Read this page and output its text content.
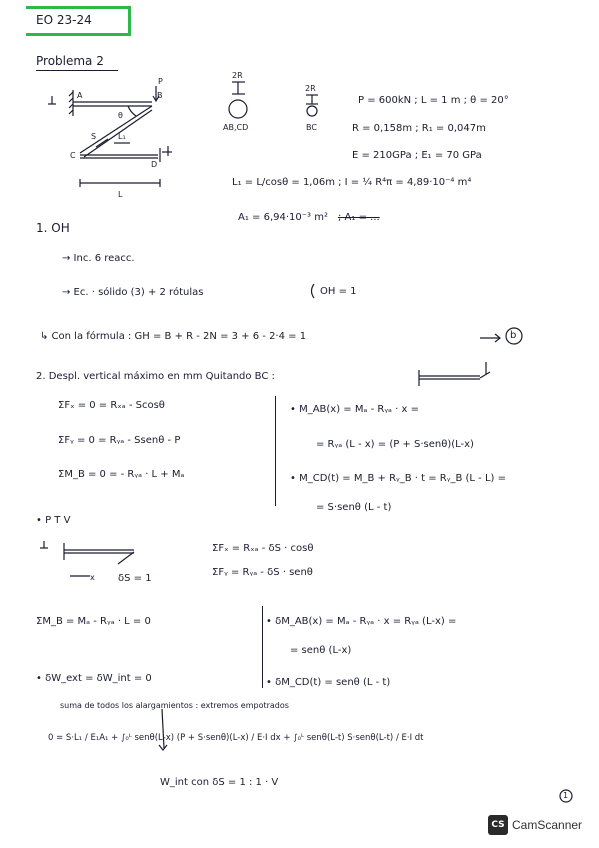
EO 23-24
Problema 2
P
A	B
θ
L₁
S
C
D
L
2R
AB,CD
2R
BC
P = 600kN ; L = 1 m ; θ = 20°
R = 0,158m ; R₁ = 0,047m
E = 210GPa ; E₁ = 70 GPa
L₁ = L/cosθ = 1,06m ; I = ¼ R⁴π = 4,89·10⁻⁴ m⁴
A₁ = 6,94·10⁻³ m² ; A₁ = ...
1. OH
→ Inc. 6 reacc.
→ Ec. · sólido (3) + 2 rótulas	OH = 1
↳ Con la fórmula : GH = B + R - 2N = 3 + 6 - 2·4 = 1	b
2. Despl. vertical máximo en mm Quitando BC :
ΣFₓ = 0 = Rₓₐ - Scosθ
ΣFᵧ = 0 = Rᵧₐ - Ssenθ - P
ΣM_B = 0 = - Rᵧₐ · L + Mₐ
• M_AB(x) = Mₐ - Rᵧₐ · x =
= Rᵧₐ (L - x) = (P + S·senθ)(L-x)
• M_CD(t) = M_B + Rᵧ_B · t = Rᵧ_B (L - L) =
= S·senθ (L - t)
• P T V
ΣFₓ = Rₓₐ - δS · cosθ
ΣFᵧ = Rᵧₐ - δS · senθ
x δS = 1
ΣM_B = Mₐ - Rᵧₐ · L = 0	• δM_AB(x) = Mₐ - Rᵧₐ · x = Rᵧₐ (L-x) =
= senθ (L-x)
• δW_ext = δW_int = 0	• δM_CD(t) = senθ (L - t)
suma de todos los alargamientos : extremos empotrados
0 = S·L₁ / E₁A₁ + ∫₀ᴸ senθ(L-x) (P + S·senθ)(L-x) / E·I dx + ∫₀ᴸ senθ(L-t) S·senθ(L-t) / E·I dt
W_int con δS = 1 : 1 · V
1
CS CamScanner
